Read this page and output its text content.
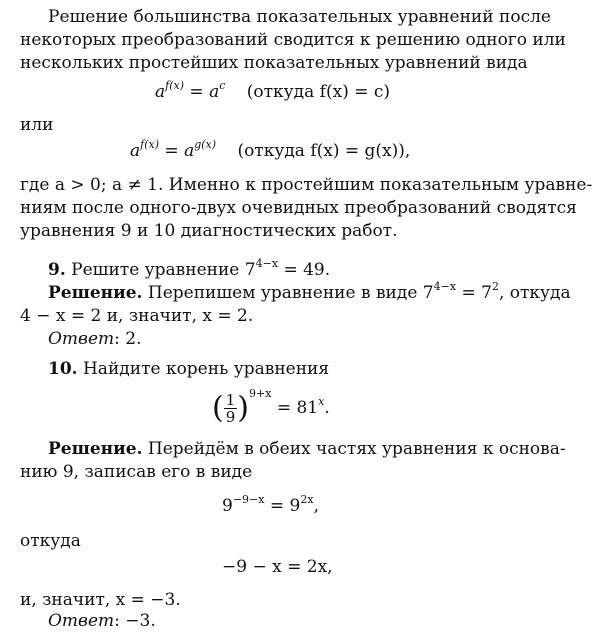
Решение большинства показательных уравнений после
некоторых преобразований сводится к решению одного или
нескольких простейших показательных уравнений вида
$a^{f(x)} = a^c$ (откуда f(x) = c)
или
$a^{f(x)} = a^{g(x)}$ (откуда f(x) = g(x)),
где a > 0; a ≠ 1. Именно к простейшим показательным уравне-
ниям после одного-двух очевидных преобразований сводятся
уравнения 9 и 10 диагностических работ.
9. Решите уравнение $7^{4-x} = 49$.
Решение. Перепишем уравнение в виде $7^{4-x} = 7^2$, откуда
4 − x = 2 и, значит, x = 2.
Ответ: 2.
10. Найдите корень уравнения
( $\frac{1}{9} )^{9+x} = 81^x$.
Решение. Перейдём в обеих частях уравнения к основа-
нию 9, записав его в виде
$9^{-9-x} = 9^{2x}$,
откуда
−9 − x = 2x,
и, значит, x = −3.
Ответ: −3.
